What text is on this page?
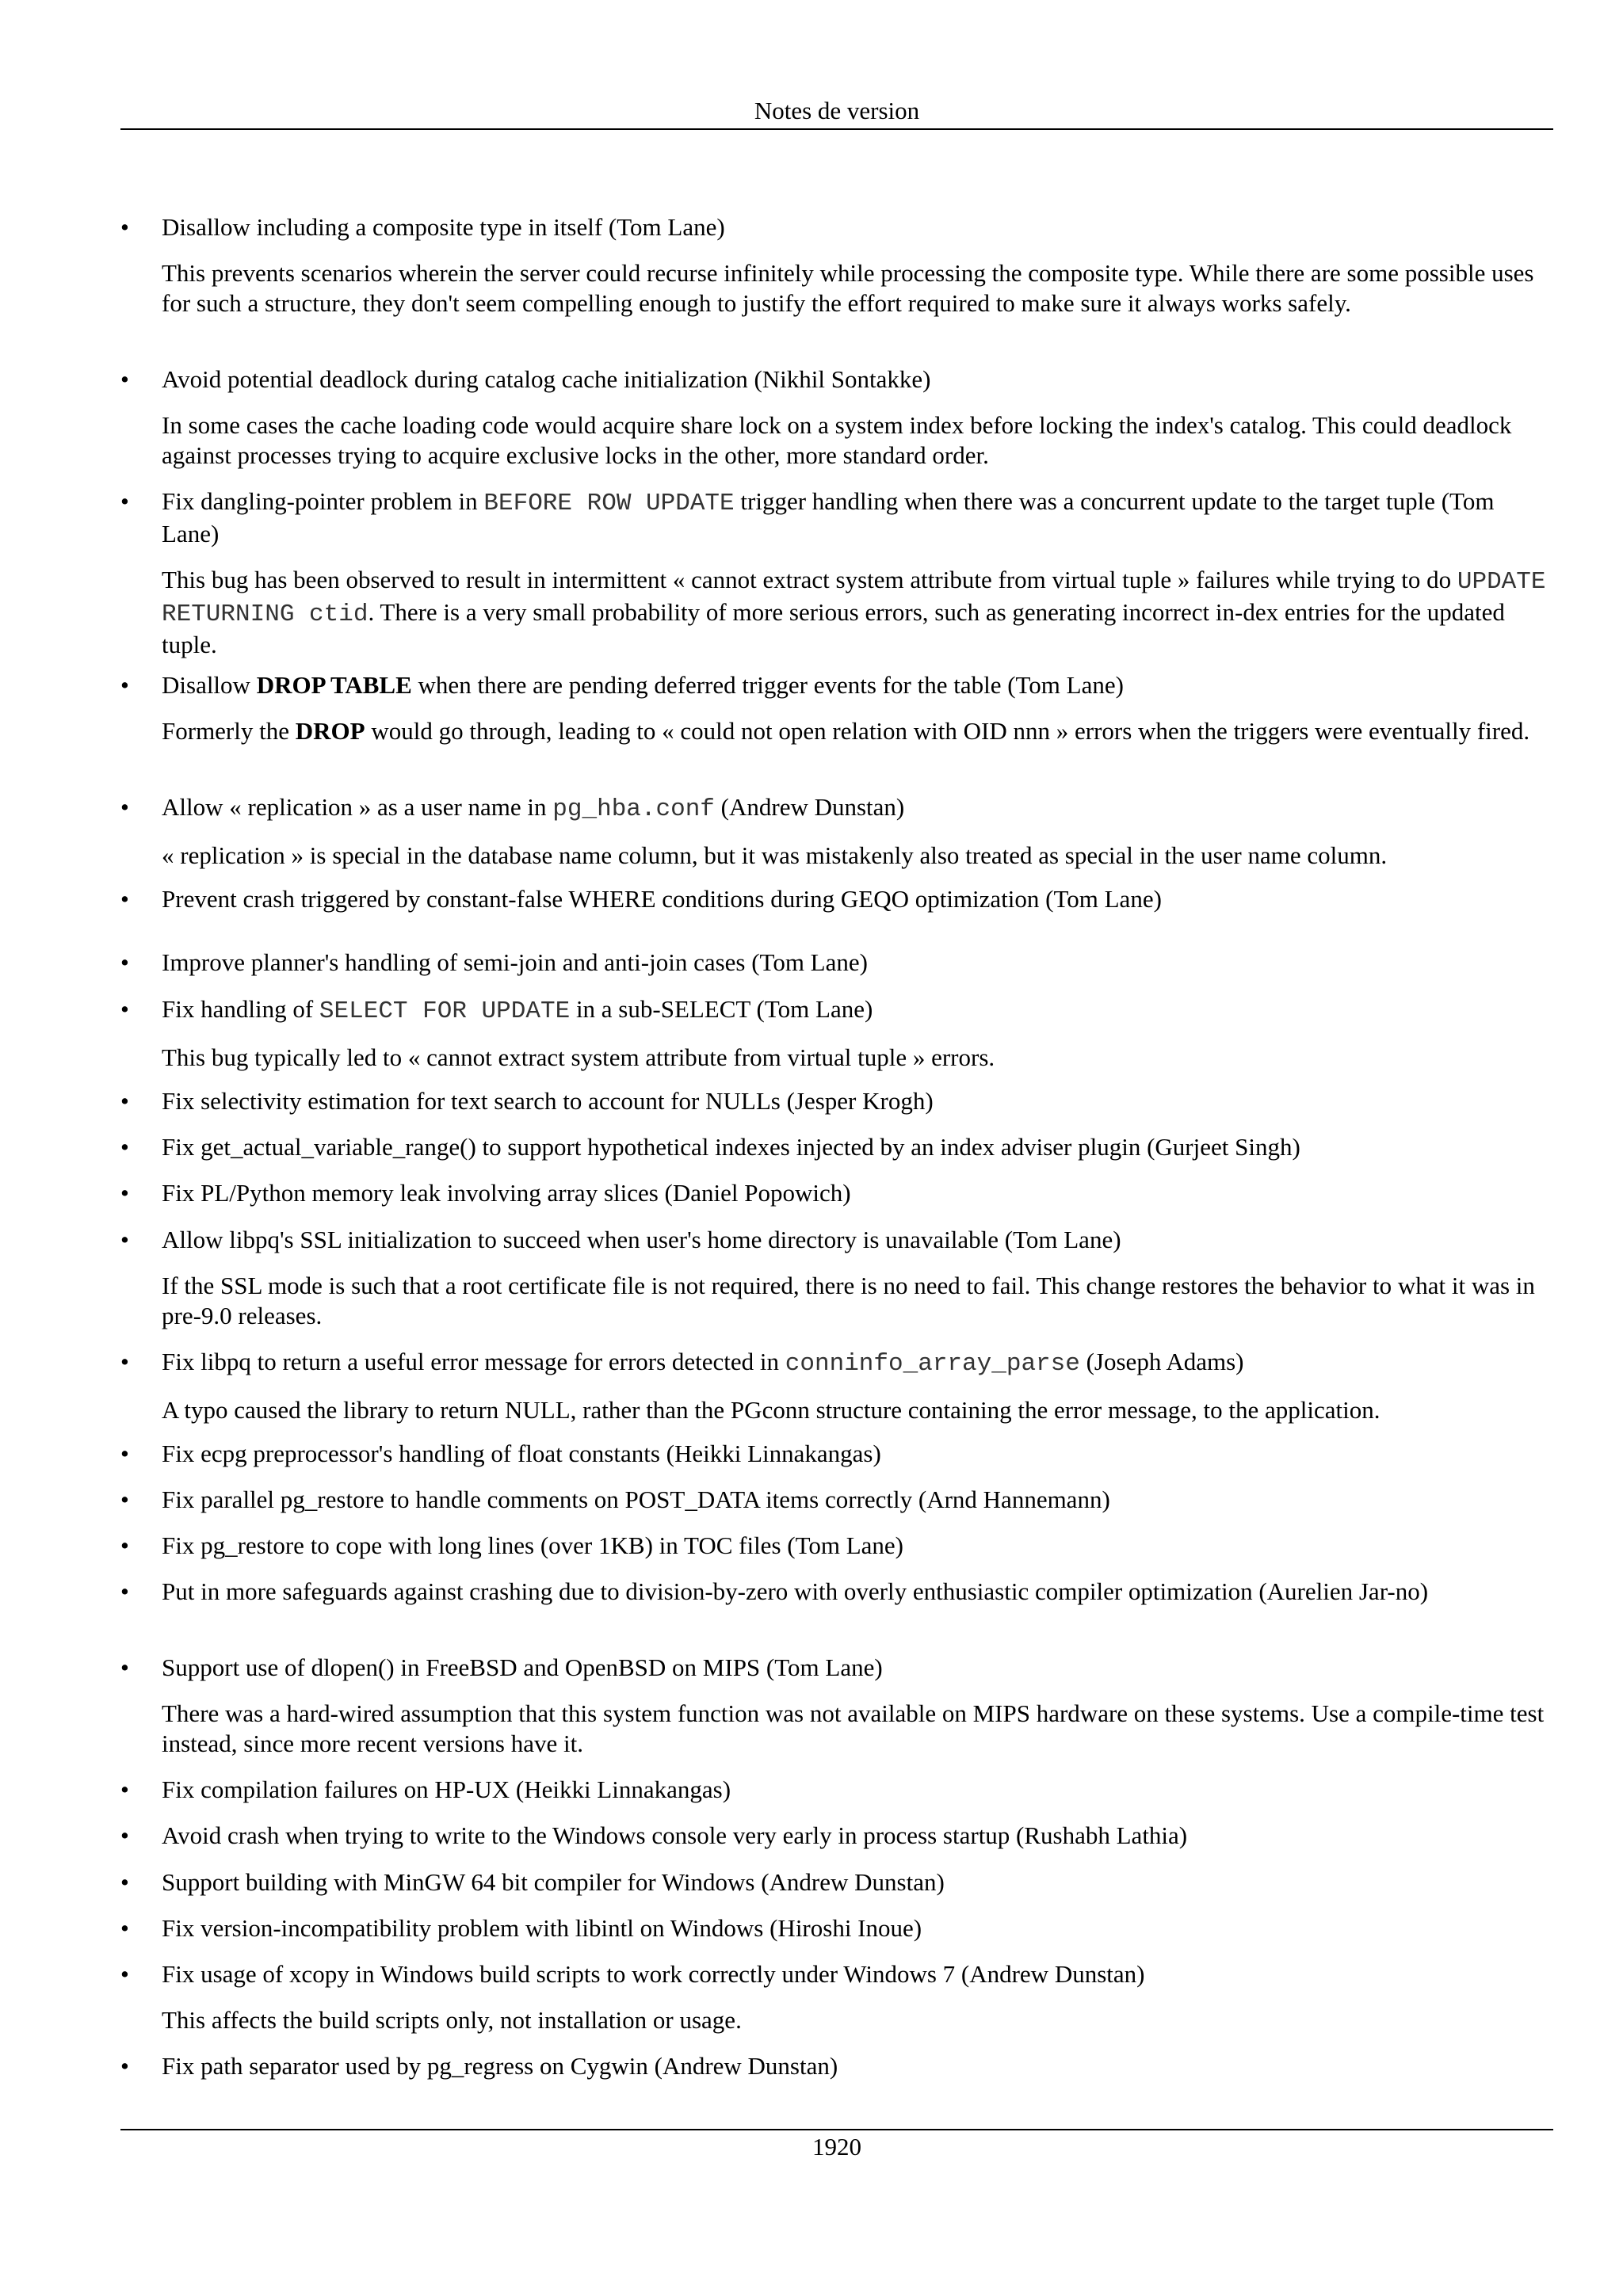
Notes de version
• Disallow including a composite type in itself (Tom Lane)

This prevents scenarios wherein the server could recurse infinitely while processing the composite type. While there are some possible uses for such a structure, they don't seem compelling enough to justify the effort required to make sure it always works safely.

• Avoid potential deadlock during catalog cache initialization (Nikhil Sontakke)

In some cases the cache loading code would acquire share lock on a system index before locking the index's catalog. This could deadlock against processes trying to acquire exclusive locks in the other, more standard order.

• Fix dangling-pointer problem in BEFORE ROW UPDATE trigger handling when there was a concurrent update to the target tuple (Tom Lane)

This bug has been observed to result in intermittent « cannot extract system attribute from virtual tuple » failures while trying to do UPDATE RETURNING ctid. There is a very small probability of more serious errors, such as generating incorrect in-dex entries for the updated tuple.

• Disallow DROP TABLE when there are pending deferred trigger events for the table (Tom Lane)

Formerly the DROP would go through, leading to « could not open relation with OID nnn » errors when the triggers were eventually fired.

• Allow « replication » as a user name in pg_hba.conf (Andrew Dunstan)

« replication » is special in the database name column, but it was mistakenly also treated as special in the user name column.

• Prevent crash triggered by constant-false WHERE conditions during GEQO optimization (Tom Lane)

• Improve planner's handling of semi-join and anti-join cases (Tom Lane)

• Fix handling of SELECT FOR UPDATE in a sub-SELECT (Tom Lane)

This bug typically led to « cannot extract system attribute from virtual tuple » errors.

• Fix selectivity estimation for text search to account for NULLs (Jesper Krogh)

• Fix get_actual_variable_range() to support hypothetical indexes injected by an index adviser plugin (Gurjeet Singh)

• Fix PL/Python memory leak involving array slices (Daniel Popowich)

• Allow libpq's SSL initialization to succeed when user's home directory is unavailable (Tom Lane)

If the SSL mode is such that a root certificate file is not required, there is no need to fail. This change restores the behavior to what it was in pre-9.0 releases.

• Fix libpq to return a useful error message for errors detected in conninfo_array_parse (Joseph Adams)

A typo caused the library to return NULL, rather than the PGconn structure containing the error message, to the application.

• Fix ecpg preprocessor's handling of float constants (Heikki Linnakangas)

• Fix parallel pg_restore to handle comments on POST_DATA items correctly (Arnd Hannemann)

• Fix pg_restore to cope with long lines (over 1KB) in TOC files (Tom Lane)

• Put in more safeguards against crashing due to division-by-zero with overly enthusiastic compiler optimization (Aurelien Jar-no)

• Support use of dlopen() in FreeBSD and OpenBSD on MIPS (Tom Lane)

There was a hard-wired assumption that this system function was not available on MIPS hardware on these systems. Use a compile-time test instead, since more recent versions have it.

• Fix compilation failures on HP-UX (Heikki Linnakangas)

• Avoid crash when trying to write to the Windows console very early in process startup (Rushabh Lathia)

• Support building with MinGW 64 bit compiler for Windows (Andrew Dunstan)

• Fix version-incompatibility problem with libintl on Windows (Hiroshi Inoue)

• Fix usage of xcopy in Windows build scripts to work correctly under Windows 7 (Andrew Dunstan)

This affects the build scripts only, not installation or usage.

• Fix path separator used by pg_regress on Cygwin (Andrew Dunstan)

1920
